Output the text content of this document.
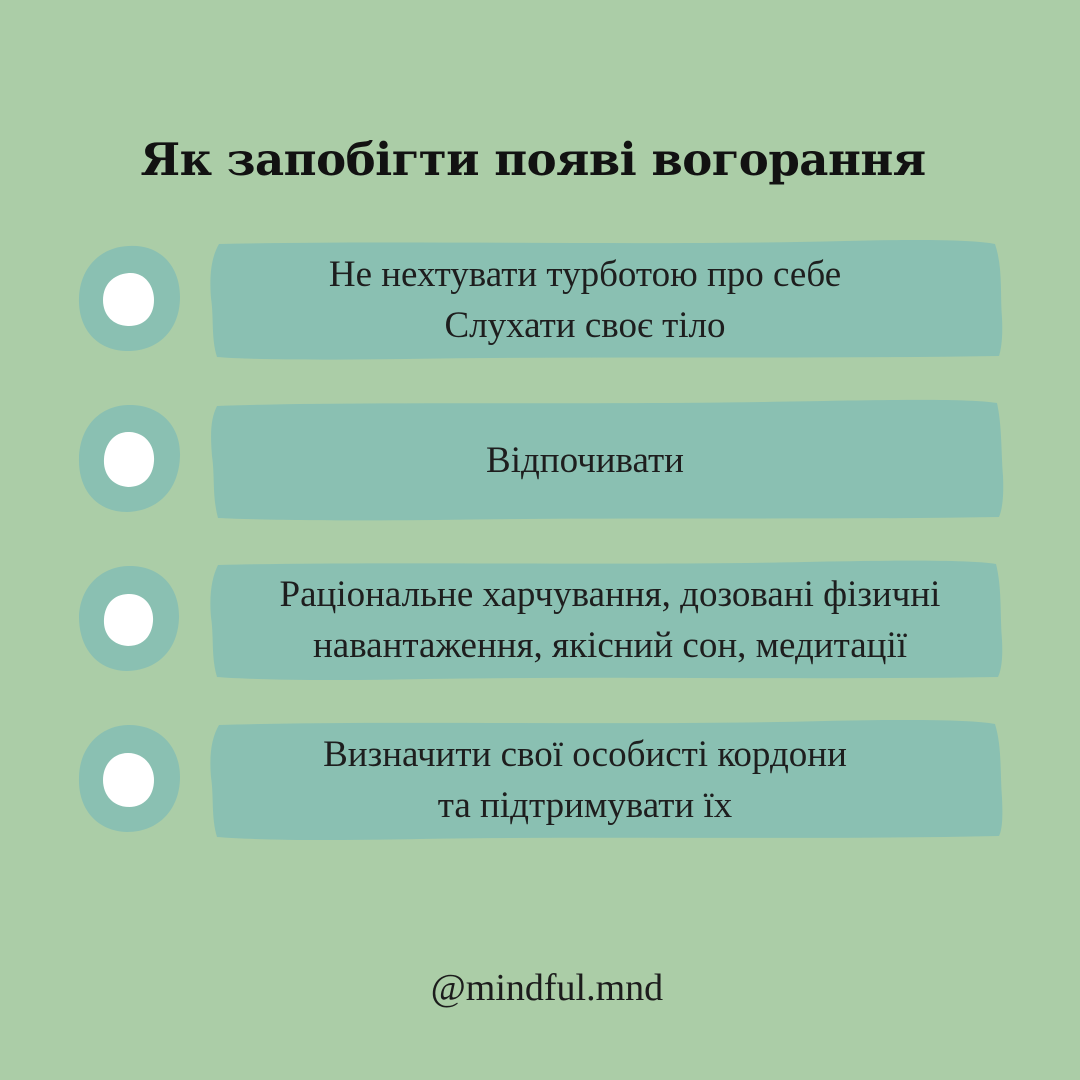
Як запобігти появі вогорання
Не нехтувати турботою про себе
Слухати своє тіло
Відпочивати
Раціональне харчування, дозовані фізичні
навантаження, якісний сон, медитації
Визначити свої особисті кордони
та підтримувати їх
@mindful.mnd
